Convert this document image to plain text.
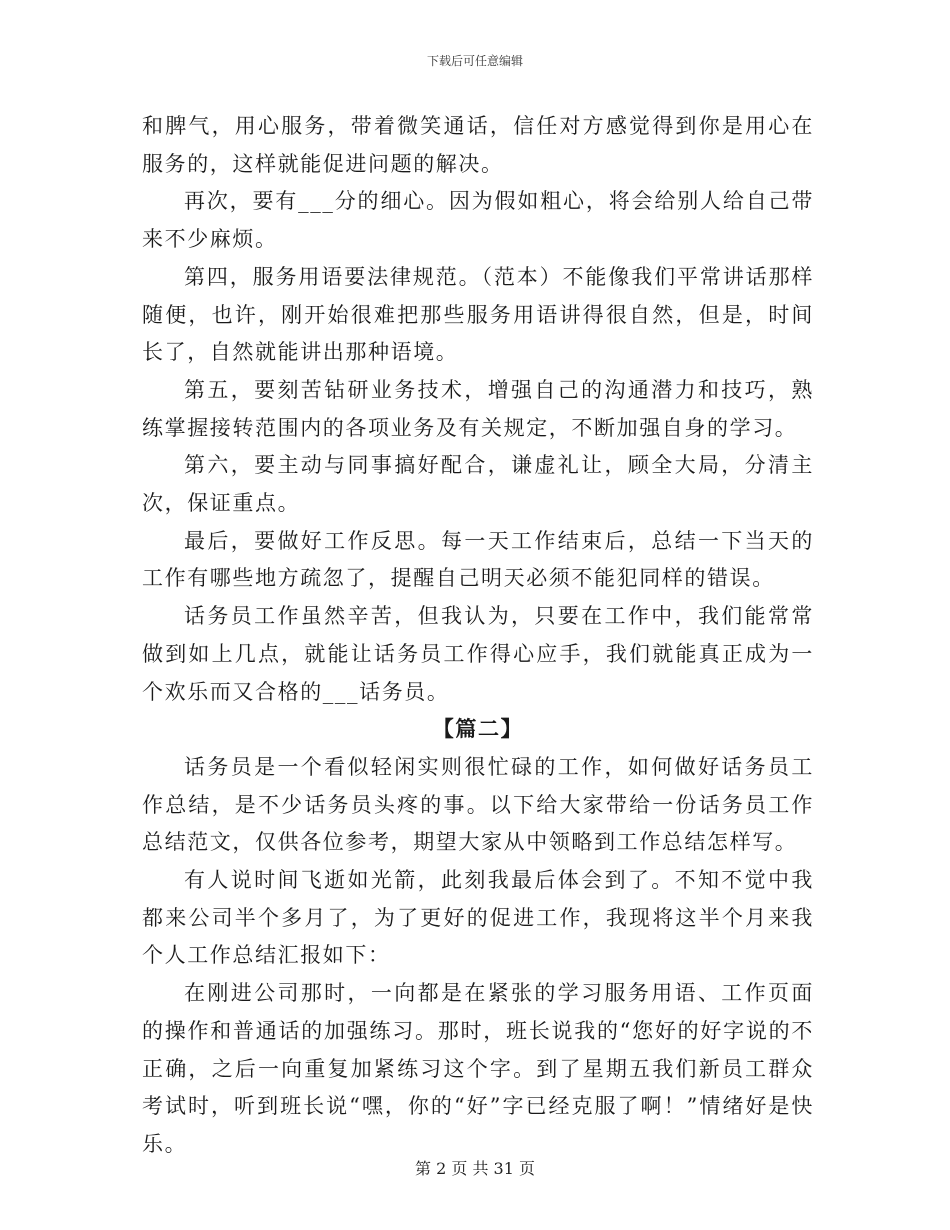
下载后可任意编辑

和脾气，用心服务，带着微笑通话，信任对方感觉得到你是用心在服务的，这样就能促进问题的解决。

再次，要有___分的细心。因为假如粗心，将会给别人给自己带来不少麻烦。

第四，服务用语要法律规范。（范本）不能像我们平常讲话那样随便，也许，刚开始很难把那些服务用语讲得很自然，但是，时间长了，自然就能讲出那种语境。

第五，要刻苦钻研业务技术，增强自己的沟通潜力和技巧，熟练掌握接转范围内的各项业务及有关规定，不断加强自身的学习。

第六，要主动与同事搞好配合，谦虚礼让，顾全大局，分清主次，保证重点。

最后，要做好工作反思。每一天工作结束后，总结一下当天的工作有哪些地方疏忽了，提醒自己明天必须不能犯同样的错误。

话务员工作虽然辛苦，但我认为，只要在工作中，我们能常常做到如上几点，就能让话务员工作得心应手，我们就能真正成为一个欢乐而又合格的___话务员。

【篇二】

话务员是一个看似轻闲实则很忙碌的工作，如何做好话务员工作总结，是不少话务员头疼的事。以下给大家带给一份话务员工作总结范文，仅供各位参考，期望大家从中领略到工作总结怎样写。

有人说时间飞逝如光箭，此刻我最后体会到了。不知不觉中我都来公司半个多月了，为了更好的促进工作，我现将这半个月来我个人工作总结汇报如下：

在刚进公司那时，一向都是在紧张的学习服务用语、工作页面的操作和普通话的加强练习。那时，班长说我的“您好的好字说的不正确，之后一向重复加紧练习这个字。到了星期五我们新员工群众考试时，听到班长说“嘿，你的“好”字已经克服了啊！”情绪好是快乐。

第 2 页 共 31 页
